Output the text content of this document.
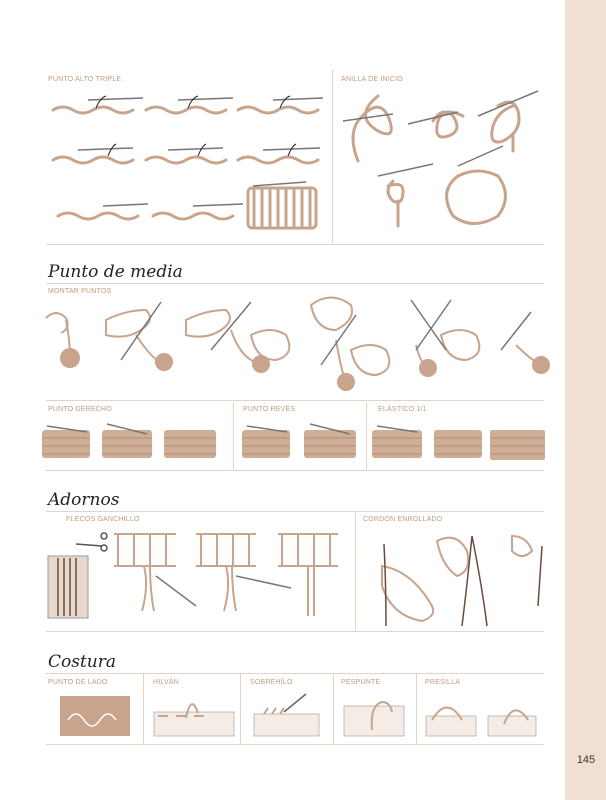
145
PUNTO ALTO TRIPLE	ANILLA DE INICIO
Punto de media
MONTAR PUNTOS
PUNTO DERECHO	PUNTO REVÉS	ELÁSTICO 1/1
Adornos
FLECOS GANCHILLO	CORDÓN ENROLLADO
Costura
PUNTO DE LADO	HILVÁN	SOBREHÍLO	PESPUNTE	PRESILLA
